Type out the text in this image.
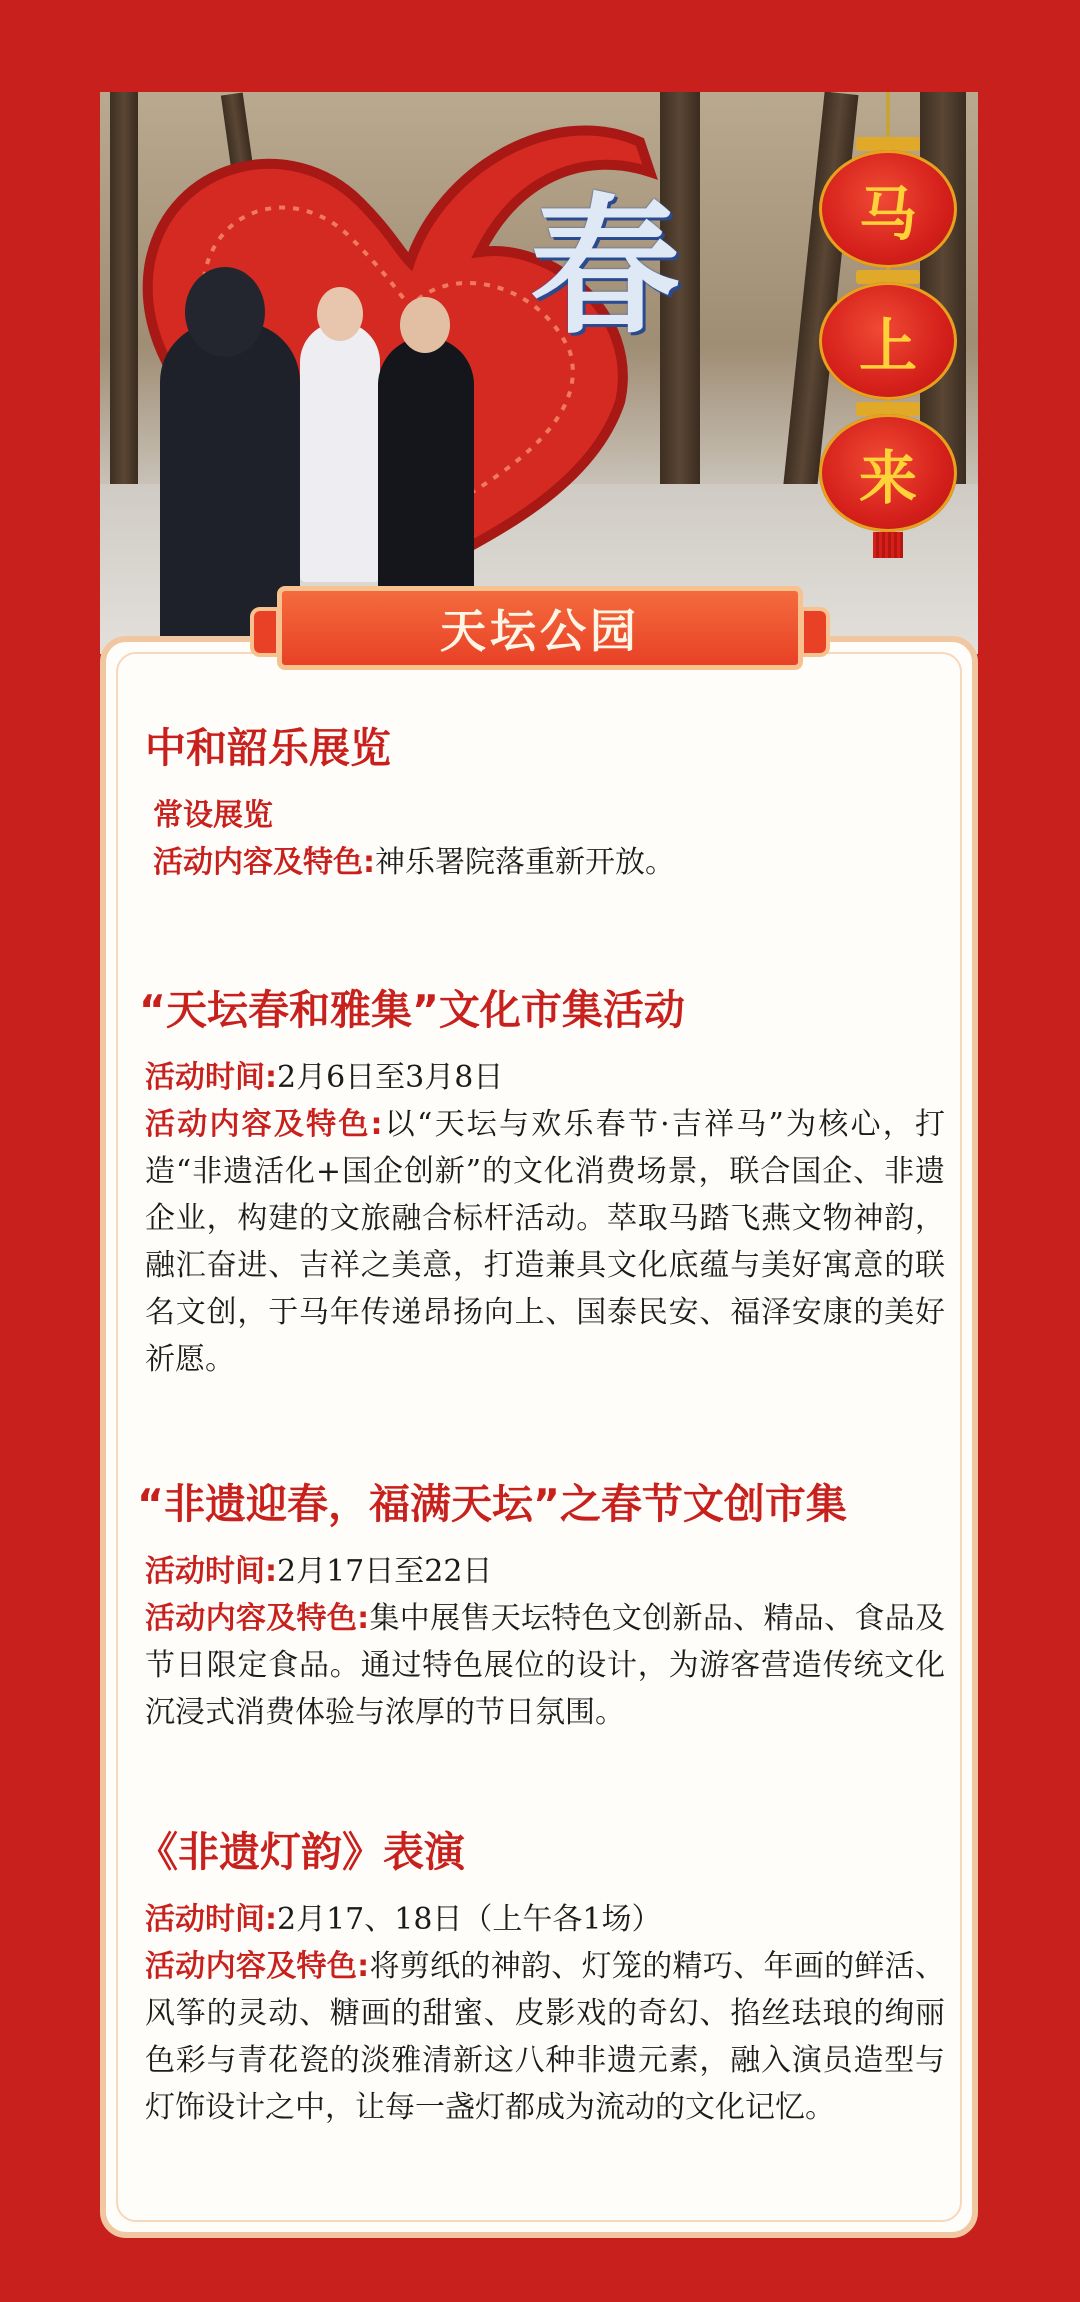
春	马
上
来
天坛公园
中和韶乐展览
常设展览
活动内容及特色:神乐署院落重新开放。
“天坛春和雅集”文化市集活动
活动时间:2月6日至3月8日
活动内容及特色:以“天坛与欢乐春节·吉祥马”为核心，打造“非遗活化+国企创新”的文化消费场景，联合国企、非遗企业，构建的文旅融合标杆活动。萃取马踏飞燕文物神韵，融汇奋进、吉祥之美意，打造兼具文化底蕴与美好寓意的联名文创，于马年传递昂扬向上、国泰民安、福泽安康的美好祈愿。
“非遗迎春，福满天坛”之春节文创市集
活动时间:2月17日至22日
活动内容及特色:集中展售天坛特色文创新品、精品、食品及节日限定食品。通过特色展位的设计，为游客营造传统文化沉浸式消费体验与浓厚的节日氛围。
《非遗灯韵》表演
活动时间:2月17、18日（上午各1场）
活动内容及特色:将剪纸的神韵、灯笼的精巧、年画的鲜活、风筝的灵动、糖画的甜蜜、皮影戏的奇幻、掐丝珐琅的绚丽色彩与青花瓷的淡雅清新这八种非遗元素，融入演员造型与灯饰设计之中，让每一盏灯都成为流动的文化记忆。
